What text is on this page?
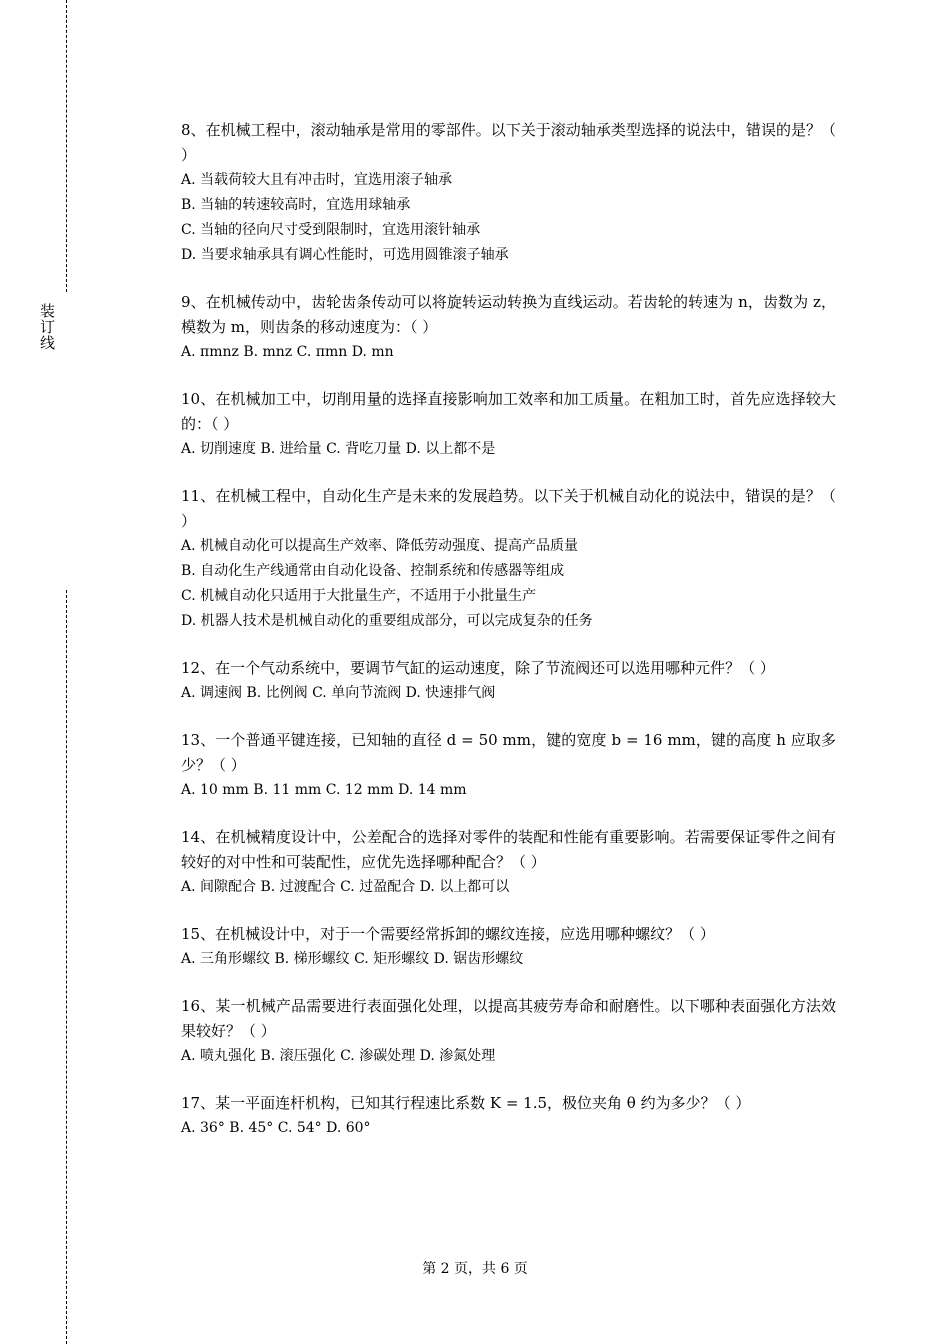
装订线

8、在机械工程中，滚动轴承是常用的零部件。以下关于滚动轴承类型选择的说法中，错误的是？（ ）

A. 当载荷较大且有冲击时，宜选用滚子轴承

B. 当轴的转速较高时，宜选用球轴承

C. 当轴的径向尺寸受到限制时，宜选用滚针轴承

D. 当要求轴承具有调心性能时，可选用圆锥滚子轴承

9、在机械传动中，齿轮齿条传动可以将旋转运动转换为直线运动。若齿轮的转速为 n，齿数为 z，模数为 m，则齿条的移动速度为：（ ）

A. πmnz B. mnz C. πmn D. mn

10、在机械加工中，切削用量的选择直接影响加工效率和加工质量。在粗加工时，首先应选择较大的：（ ）

A. 切削速度 B. 进给量 C. 背吃刀量 D. 以上都不是

11、在机械工程中，自动化生产是未来的发展趋势。以下关于机械自动化的说法中，错误的是？（ ）

A. 机械自动化可以提高生产效率、降低劳动强度、提高产品质量

B. 自动化生产线通常由自动化设备、控制系统和传感器等组成

C. 机械自动化只适用于大批量生产，不适用于小批量生产

D. 机器人技术是机械自动化的重要组成部分，可以完成复杂的任务

12、在一个气动系统中，要调节气缸的运动速度，除了节流阀还可以选用哪种元件？（ ）

A. 调速阀 B. 比例阀 C. 单向节流阀 D. 快速排气阀

13、一个普通平键连接，已知轴的直径 d = 50 mm，键的宽度 b = 16 mm，键的高度 h 应取多少？（ ）

A. 10 mm B. 11 mm C. 12 mm D. 14 mm

14、在机械精度设计中，公差配合的选择对零件的装配和性能有重要影响。若需要保证零件之间有较好的对中性和可装配性，应优先选择哪种配合？（ ）

A. 间隙配合 B. 过渡配合 C. 过盈配合 D. 以上都可以

15、在机械设计中，对于一个需要经常拆卸的螺纹连接，应选用哪种螺纹？（ ）

A. 三角形螺纹 B. 梯形螺纹 C. 矩形螺纹 D. 锯齿形螺纹

16、某一机械产品需要进行表面强化处理，以提高其疲劳寿命和耐磨性。以下哪种表面强化方法效果较好？（ ）

A. 喷丸强化 B. 滚压强化 C. 渗碳处理 D. 渗氮处理

17、某一平面连杆机构，已知其行程速比系数 K = 1.5，极位夹角 θ 约为多少？（ ）

A. 36° B. 45° C. 54° D. 60°

第 2 页，共 6 页
